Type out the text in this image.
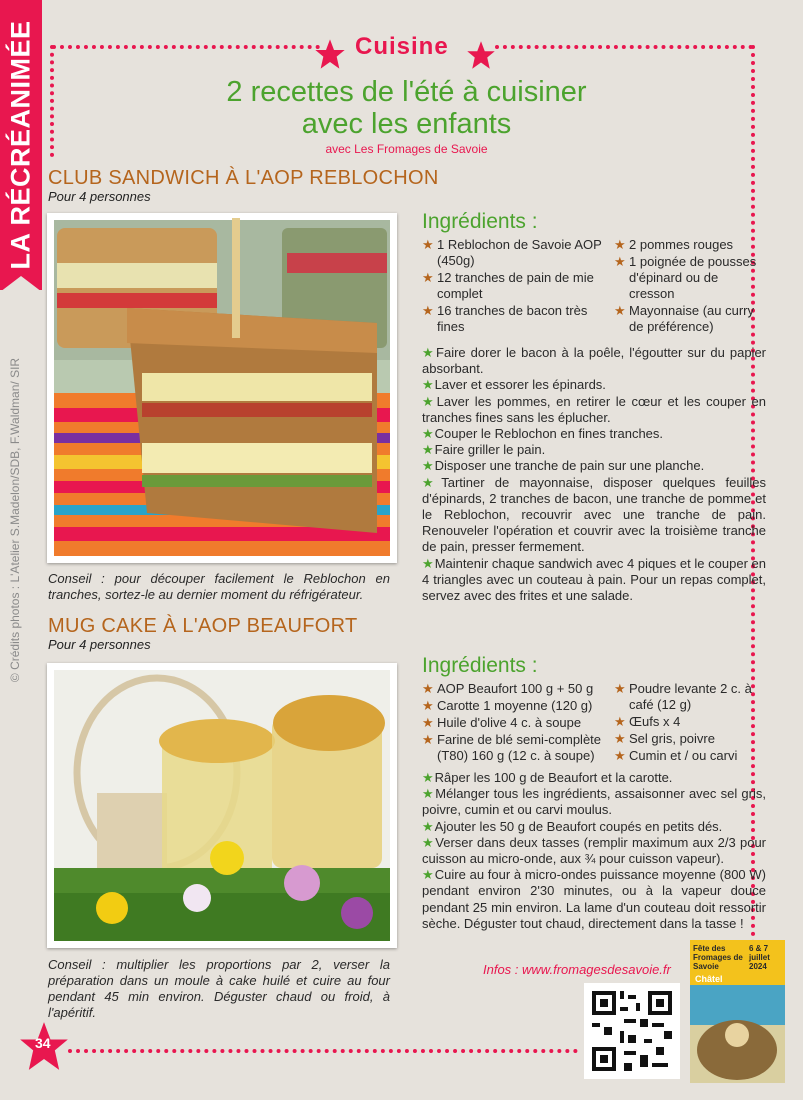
LA RÉCRÉANIMÉE
© Crédits photos : L'Atelier S.Madelon/SDB, F.Waldman/ SIR
Cuisine
2 recettes de l'été à cuisiner
avec les enfants
avec Les Fromages de Savoie
CLUB SANDWICH À L'AOP REBLOCHON
Pour 4 personnes
Ingrédients :
★ 1 Reblochon de Savoie AOP (450g)
★ 12 tranches de pain de mie complet
★ 16 tranches de bacon très fines
★ 2 pommes rouges
★ 1 poignée de pousses d'épinard ou de cresson
★ Mayonnaise (au curry de préférence)
★Faire dorer le bacon à la poêle, l'égoutter sur du papier absorbant.
★Laver et essorer les épinards.
★Laver les pommes, en retirer le cœur et les couper en tranches fines sans les éplucher.
★Couper le Reblochon en fines tranches.
★Faire griller le pain.
★Disposer une tranche de pain sur une planche.
★Tartiner de mayonnaise, disposer quelques feuilles d'épinards, 2 tranches de bacon, une tranche de pomme et le Reblochon, recouvrir avec une tranche de pain. Renouveler l'opération et couvrir avec la troisième tranche de pain, presser fermement.
★Maintenir chaque sandwich avec 4 piques et le couper en 4 triangles avec un couteau à pain. Pour un repas complet, servez avec des frites et une salade.
Conseil : pour découper facilement le Reblochon en tranches, sortez-le au dernier moment du réfrigérateur.
MUG CAKE À L'AOP BEAUFORT
Pour 4 personnes
Ingrédients :
★ AOP Beaufort 100 g + 50 g
★ Carotte 1 moyenne (120 g)
★ Huile d'olive 4 c. à soupe
★ Farine de blé semi-complète (T80) 160 g (12 c. à soupe)
★ Poudre levante 2 c. à café (12 g)
★ Œufs x 4
★ Sel gris, poivre
★ Cumin et / ou carvi
★Râper les 100 g de Beaufort et la carotte.
★Mélanger tous les ingrédients, assaisonner avec sel gris, poivre, cumin et ou carvi moulus.
★Ajouter les 50 g de Beaufort coupés en petits dés.
★Verser dans deux tasses (remplir maximum aux 2/3 pour cuisson au micro-onde, aux ¾ pour cuisson vapeur).
★Cuire au four à micro-ondes puissance moyenne (800 W) pendant environ 2'30 minutes, ou à la vapeur douce pendant 25 min environ. La lame d'un couteau doit ressortir sèche. Déguster tout chaud, directement dans la tasse !
Conseil : multiplier les proportions par 2, verser la préparation dans un moule à cake huilé et cuire au four pendant 45 min environ. Déguster chaud ou froid, à l'apéritif.
Infos : www.fromagesdesavoie.fr
Fête des Fromages de Savoie
6 & 7 juillet 2024
Châtel
34
